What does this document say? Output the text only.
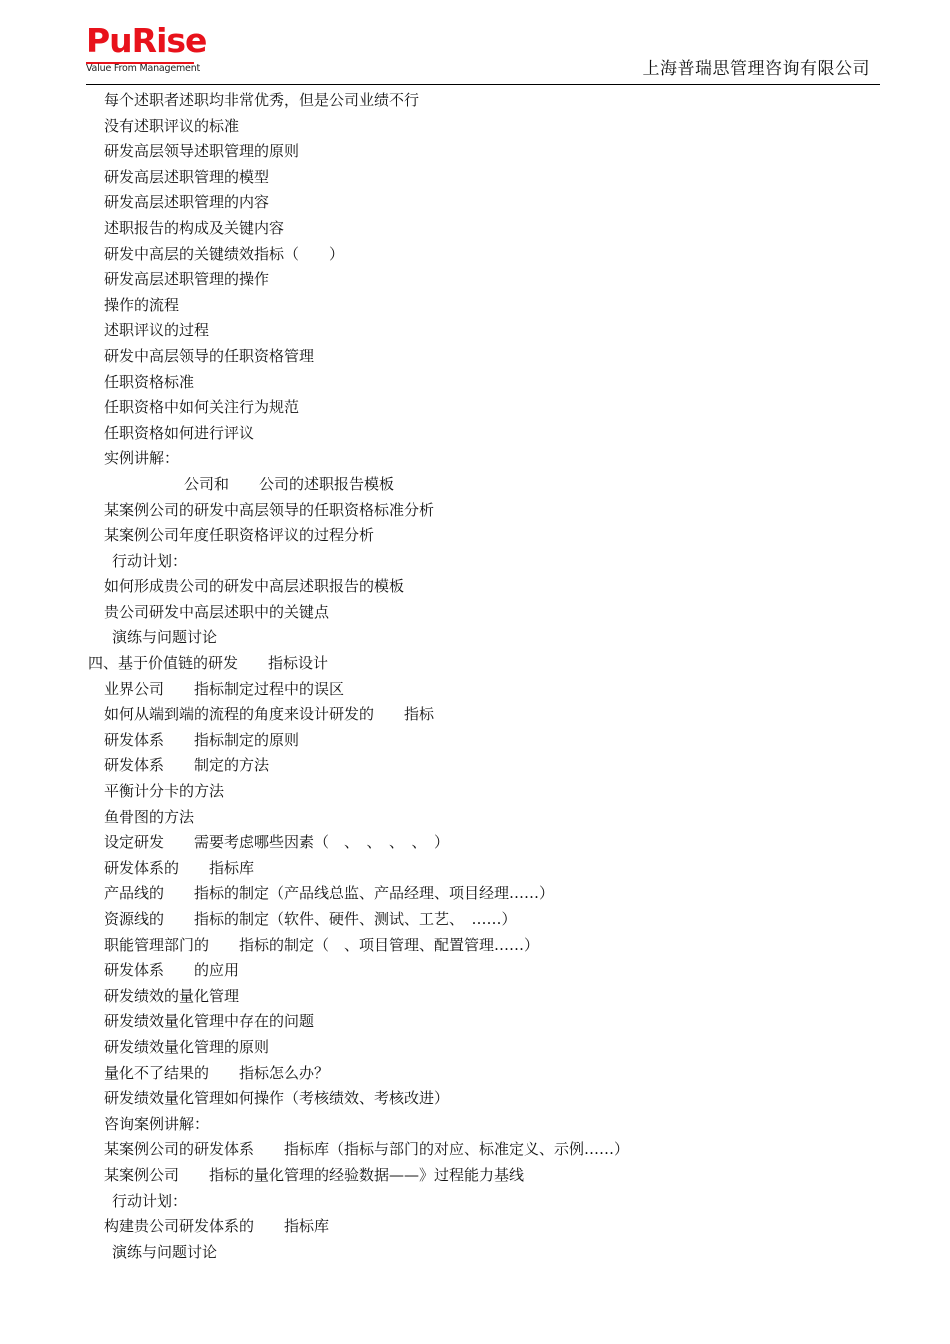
PuRise
Value From Management	上海普瑞思管理咨询有限公司
每个述职者述职均非常优秀，但是公司业绩不行
没有述职评议的标准
研发高层领导述职管理的原则
研发高层述职管理的模型
研发高层述职管理的内容
述职报告的构成及关键内容
研发中高层的关键绩效指标（　　）
研发高层述职管理的操作
操作的流程
述职评议的过程
研发中高层领导的任职资格管理
任职资格标准
任职资格中如何关注行为规范
任职资格如何进行评议
实例讲解：
公司和　　公司的述职报告模板
某案例公司的研发中高层领导的任职资格标准分析
某案例公司年度任职资格评议的过程分析
行动计划：
如何形成贵公司的研发中高层述职报告的模板
贵公司研发中高层述职中的关键点
演练与问题讨论
四、基于价值链的研发　　指标设计
业界公司　　指标制定过程中的误区
如何从端到端的流程的角度来设计研发的　　指标
研发体系　　指标制定的原则
研发体系　　制定的方法
平衡计分卡的方法
鱼骨图的方法
设定研发　　需要考虑哪些因素（　、　、　、　、　）
研发体系的　　指标库
产品线的　　指标的制定（产品线总监、产品经理、项目经理……）
资源线的　　指标的制定（软件、硬件、测试、工艺、　……）
职能管理部门的　　指标的制定（　、项目管理、配置管理……）
研发体系　　的应用
研发绩效的量化管理
研发绩效量化管理中存在的问题
研发绩效量化管理的原则
量化不了结果的　　指标怎么办？
研发绩效量化管理如何操作（考核绩效、考核改进）
咨询案例讲解：
某案例公司的研发体系　　指标库（指标与部门的对应、标准定义、示例……）
某案例公司　　指标的量化管理的经验数据——》过程能力基线
行动计划：
构建贵公司研发体系的　　指标库
演练与问题讨论
